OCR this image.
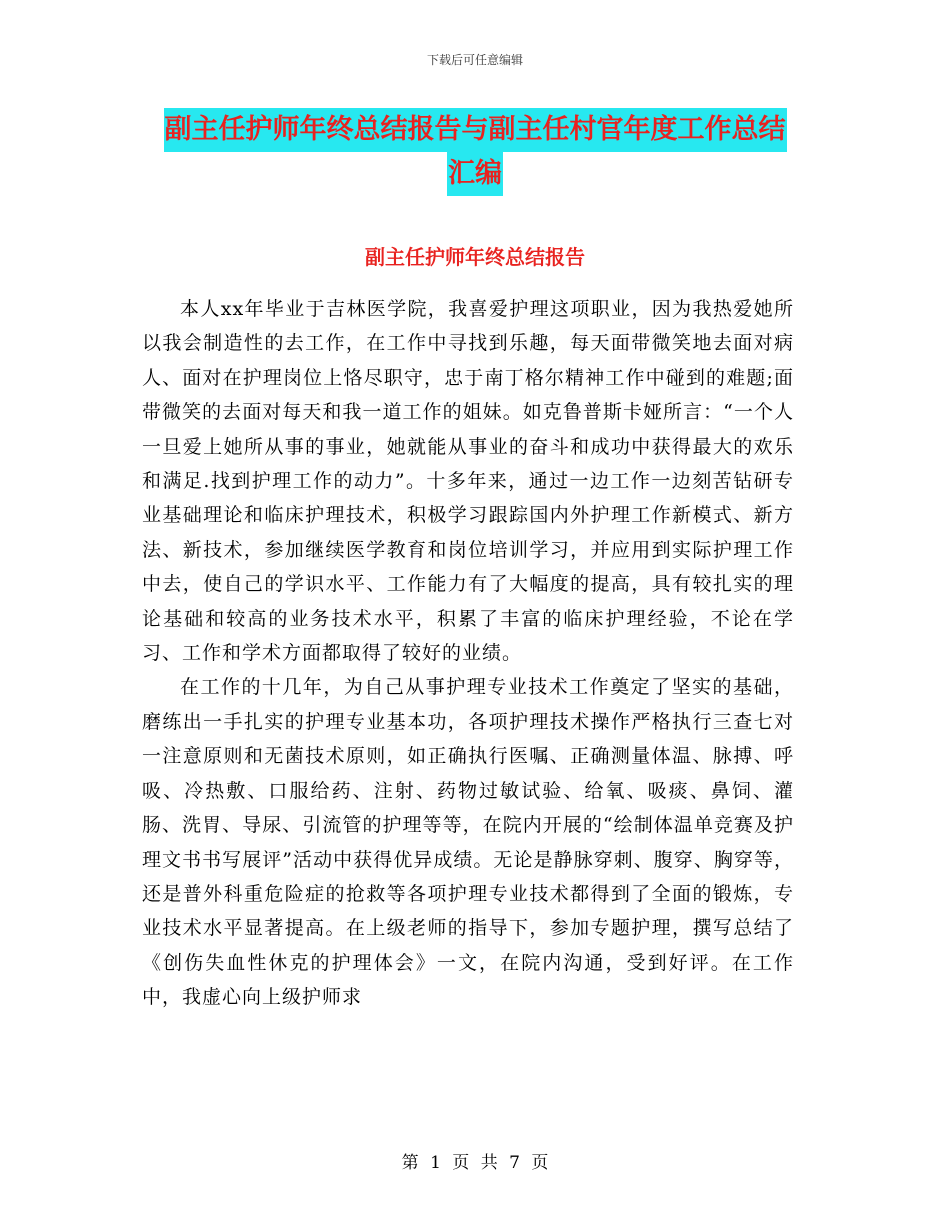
下载后可任意编辑
副主任护师年终总结报告与副主任村官年度工作总结
汇编
副主任护师年终总结报告

本人xx年毕业于吉林医学院，我喜爱护理这项职业，因为我热爱她所以我会制造性的去工作，在工作中寻找到乐趣，每天面带微笑地去面对病人、面对在护理岗位上恪尽职守，忠于南丁格尔精神工作中碰到的难题;面带微笑的去面对每天和我一道工作的姐妹。如克鲁普斯卡娅所言：“一个人一旦爱上她所从事的事业，她就能从事业的奋斗和成功中获得最大的欢乐和满足.找到护理工作的动力”。十多年来，通过一边工作一边刻苦钻研专业基础理论和临床护理技术，积极学习跟踪国内外护理工作新模式、新方法、新技术，参加继续医学教育和岗位培训学习，并应用到实际护理工作中去，使自己的学识水平、工作能力有了大幅度的提高，具有较扎实的理论基础和较高的业务技术水平，积累了丰富的临床护理经验，不论在学习、工作和学术方面都取得了较好的业绩。

在工作的十几年，为自己从事护理专业技术工作奠定了坚实的基础，磨练出一手扎实的护理专业基本功，各项护理技术操作严格执行三查七对一注意原则和无菌技术原则，如正确执行医嘱、正确测量体温、脉搏、呼吸、冷热敷、口服给药、注射、药物过敏试验、给氧、吸痰、鼻饲、灌肠、洗胃、导尿、引流管的护理等等，在院内开展的“绘制体温单竞赛及护理文书书写展评”活动中获得优异成绩。无论是静脉穿刺、腹穿、胸穿等，还是普外科重危险症的抢救等各项护理专业技术都得到了全面的锻炼，专业技术水平显著提高。在上级老师的指导下，参加专题护理，撰写总结了《创伤失血性休克的护理体会》一文，在院内沟通，受到好评。在工作中，我虚心向上级护师求

第 1 页 共 7 页
